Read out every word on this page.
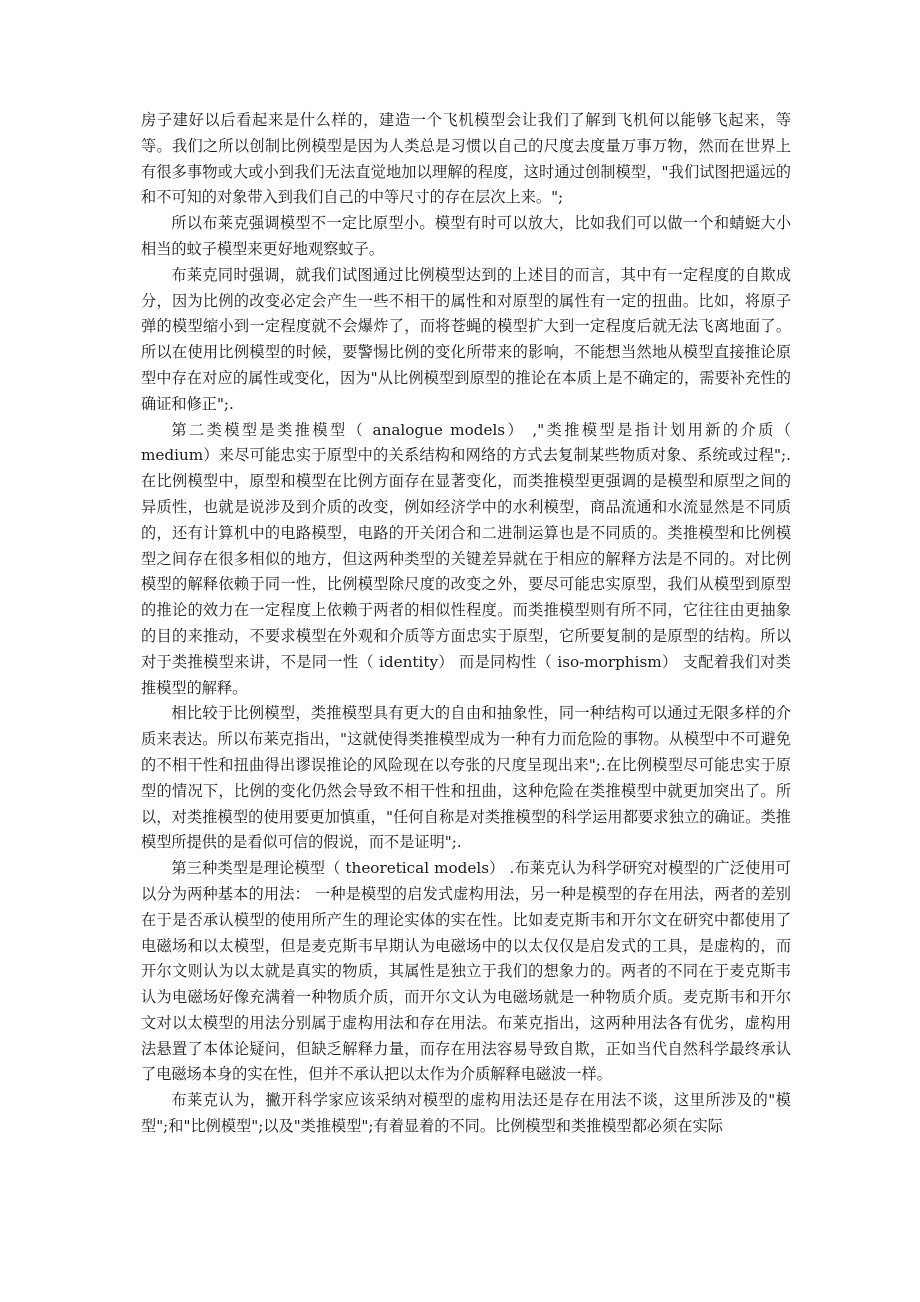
房子建好以后看起来是什么样的，建造一个飞机模型会让我们了解到飞机何以能够飞起来，等等。我们之所以创制比例模型是因为人类总是习惯以自己的尺度去度量万事万物，然而在世界上有很多事物或大或小到我们无法直觉地加以理解的程度，这时通过创制模型，"我们试图把遥远的和不可知的对象带入到我们自己的中等尺寸的存在层次上来。";

所以布莱克强调模型不一定比原型小。模型有时可以放大，比如我们可以做一个和蜻蜓大小相当的蚊子模型来更好地观察蚊子。

布莱克同时强调，就我们试图通过比例模型达到的上述目的而言，其中有一定程度的自欺成分，因为比例的改变必定会产生一些不相干的属性和对原型的属性有一定的扭曲。比如，将原子弹的模型缩小到一定程度就不会爆炸了，而将苍蝇的模型扩大到一定程度后就无法飞离地面了。所以在使用比例模型的时候，要警惕比例的变化所带来的影响，不能想当然地从模型直接推论原型中存在对应的属性或变化，因为"从比例模型到原型的推论在本质上是不确定的，需要补充性的确证和修正";.

第二类模型是类推模型（ analogue models） ,"类推模型是指计划用新的介质（ medium）来尽可能忠实于原型中的关系结构和网络的方式去复制某些物质对象、系统或过程";.在比例模型中，原型和模型在比例方面存在显著变化，而类推模型更强调的是模型和原型之间的异质性，也就是说涉及到介质的改变，例如经济学中的水利模型，商品流通和水流显然是不同质的，还有计算机中的电路模型，电路的开关闭合和二进制运算也是不同质的。类推模型和比例模型之间存在很多相似的地方，但这两种类型的关键差异就在于相应的解释方法是不同的。对比例模型的解释依赖于同一性，比例模型除尺度的改变之外，要尽可能忠实原型，我们从模型到原型的推论的效力在一定程度上依赖于两者的相似性程度。而类推模型则有所不同，它往往由更抽象的目的来推动，不要求模型在外观和介质等方面忠实于原型，它所要复制的是原型的结构。所以对于类推模型来讲，不是同一性（ identity） 而是同构性（ iso-morphism） 支配着我们对类推模型的解释。

相比较于比例模型，类推模型具有更大的自由和抽象性，同一种结构可以通过无限多样的介质来表达。所以布莱克指出，"这就使得类推模型成为一种有力而危险的事物。从模型中不可避免的不相干性和扭曲得出谬误推论的风险现在以夸张的尺度呈现出来";.在比例模型尽可能忠实于原型的情况下，比例的变化仍然会导致不相干性和扭曲，这种危险在类推模型中就更加突出了。所以，对类推模型的使用要更加慎重，"任何自称是对类推模型的科学运用都要求独立的确证。类推模型所提供的是看似可信的假说，而不是证明";.

第三种类型是理论模型（ theoretical models） .布莱克认为科学研究对模型的广泛使用可以分为两种基本的用法： 一种是模型的启发式虚构用法，另一种是模型的存在用法，两者的差别在于是否承认模型的使用所产生的理论实体的实在性。比如麦克斯韦和开尔文在研究中都使用了电磁场和以太模型，但是麦克斯韦早期认为电磁场中的以太仅仅是启发式的工具，是虚构的，而开尔文则认为以太就是真实的物质，其属性是独立于我们的想象力的。两者的不同在于麦克斯韦认为电磁场好像充满着一种物质介质，而开尔文认为电磁场就是一种物质介质。麦克斯韦和开尔文对以太模型的用法分别属于虚构用法和存在用法。布莱克指出，这两种用法各有优劣，虚构用法悬置了本体论疑问，但缺乏解释力量，而存在用法容易导致自欺，正如当代自然科学最终承认了电磁场本身的实在性，但并不承认把以太作为介质解释电磁波一样。

布莱克认为，撇开科学家应该采纳对模型的虚构用法还是存在用法不谈，这里所涉及的"模型";和"比例模型";以及"类推模型";有着显着的不同。比例模型和类推模型都必须在实际
